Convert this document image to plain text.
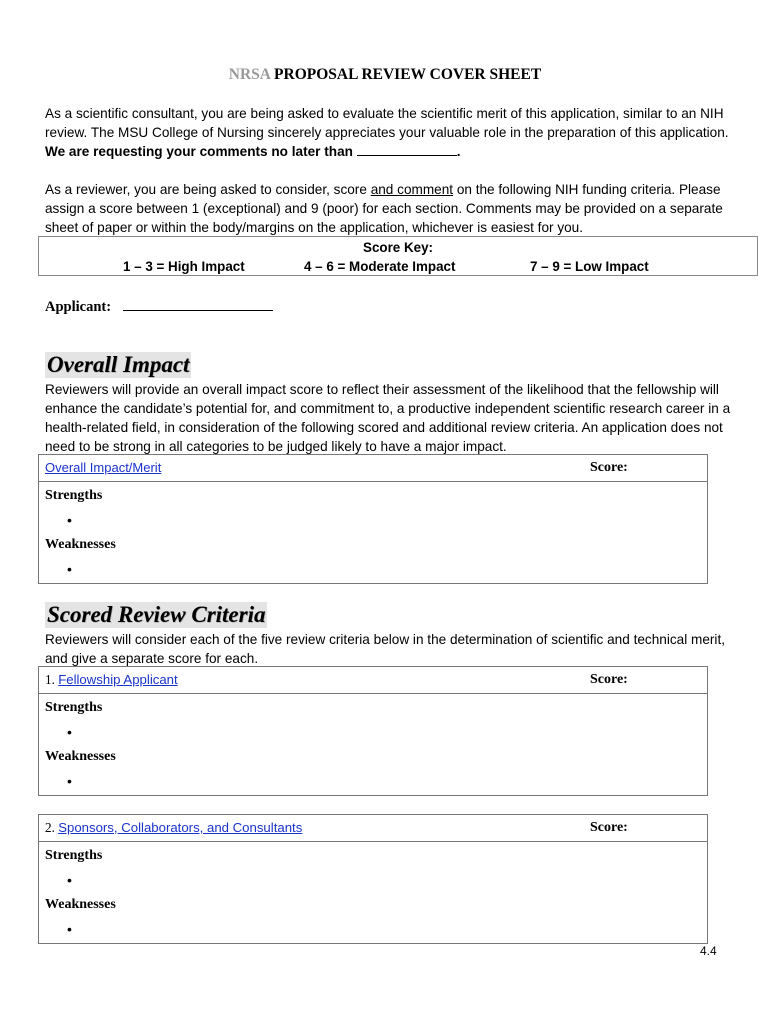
NRSA PROPOSAL REVIEW COVER SHEET
As a scientific consultant, you are being asked to evaluate the scientific merit of this application, similar to an NIH review. The MSU College of Nursing sincerely appreciates your valuable role in the preparation of this application. We are requesting your comments no later than	.
As a reviewer, you are being asked to consider, score and comment on the following NIH funding criteria. Please assign a score between 1 (exceptional) and 9 (poor) for each section. Comments may be provided on a separate sheet of paper or within the body/margins on the application, whichever is easiest for you.
Score Key:
1 – 3 = High Impact	4 – 6 = Moderate Impact	7 – 9 = Low Impact
Applicant:
Overall Impact
Reviewers will provide an overall impact score to reflect their assessment of the likelihood that the fellowship will enhance the candidate’s potential for, and commitment to, a productive independent scientific research career in a health-related field, in consideration of the following scored and additional review criteria. An application does not need to be strong in all categories to be judged likely to have a major impact.
Overall Impact/Merit	Score:
Strengths
•
Weaknesses
•
Scored Review Criteria
Reviewers will consider each of the five review criteria below in the determination of scientific and technical merit, and give a separate score for each.
1. Fellowship Applicant	Score:
Strengths
•
Weaknesses
•
2. Sponsors, Collaborators, and Consultants	Score:
Strengths
•
Weaknesses
•
4.4
